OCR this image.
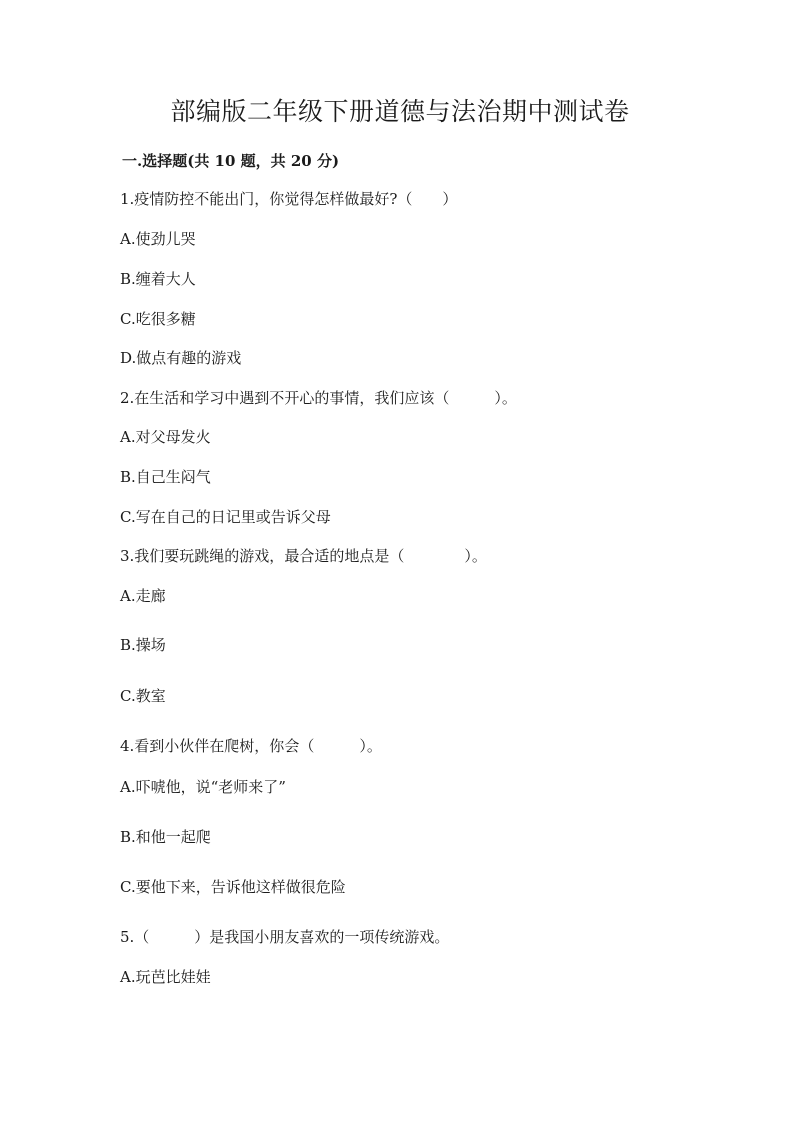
部编版二年级下册道德与法治期中测试卷
一.选择题(共 10 题，共 20 分)
1.疫情防控不能出门，你觉得怎样做最好?（　　）
A.使劲儿哭
B.缠着大人
C.吃很多糖
D.做点有趣的游戏
2.在生活和学习中遇到不开心的事情，我们应该（　　　）。
A.对父母发火
B.自己生闷气
C.写在自己的日记里或告诉父母
3.我们要玩跳绳的游戏，最合适的地点是（　　　　）。
A.走廊
B.操场
C.教室
4.看到小伙伴在爬树，你会（　　　）。
A.吓唬他，说“老师来了”
B.和他一起爬
C.要他下来，告诉他这样做很危险
5.（　　　）是我国小朋友喜欢的一项传统游戏。
A.玩芭比娃娃
